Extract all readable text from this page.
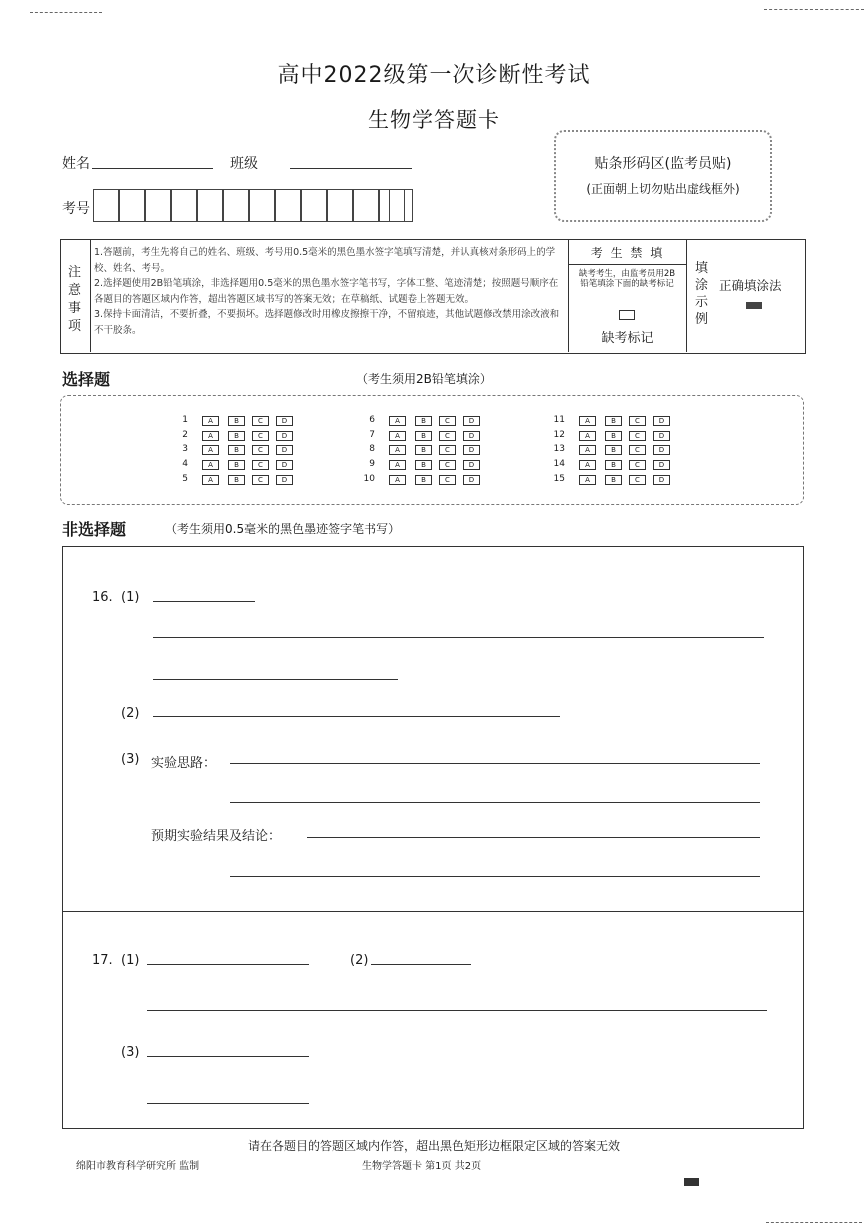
高中2022级第一次诊断性考试
生物学答题卡
姓名	班级
考号
贴条形码区(监考员贴)
(正面朝上切勿贴出虚线框外)
注
意
事
项
1.答题前，考生先将自己的姓名、班级、考号用0.5毫米的黑色墨水签字笔填写清楚，并认真核对条形码上的学校、姓名、考号。
2.选择题使用2B铅笔填涂，非选择题用0.5毫米的黑色墨水签字笔书写，字体工整、笔迹清楚；按照题号顺序在各题目的答题区域内作答，超出答题区域书写的答案无效；在草稿纸、试题卷上答题无效。
3.保持卡面清洁，不要折叠，不要损坏。选择题修改时用橡皮擦擦干净，不留痕迹，其他试题修改禁用涂改液和不干胶条。
考 生 禁 填
缺考考生，由监考员用2B铅笔填涂下面的缺考标记
缺考标记
填
涂
示
例
正确填涂法
选择题	（考生须用2B铅笔填涂）
1	A	B	C	D
2	A	B	C	D
3	A	B	C	D
4	A	B	C	D
5	A	B	C	D
6	A	B	C	D
7	A	B	C	D
8	A	B	C	D
9	A	B	C	D
10	A	B	C	D
11	A	B	C	D
12	A	B	C	D
13	A	B	C	D
14	A	B	C	D
15	A	B	C	D
非选择题	（考生须用0.5毫米的黑色墨迹签字笔书写）
16. (1)
(2)
(3) 实验思路：
预期实验结果及结论：
17. (1)	(2)
(3)
请在各题目的答题区域内作答，超出黑色矩形边框限定区域的答案无效
绵阳市教育科学研究所 监制	生物学答题卡 第1页 共2页
